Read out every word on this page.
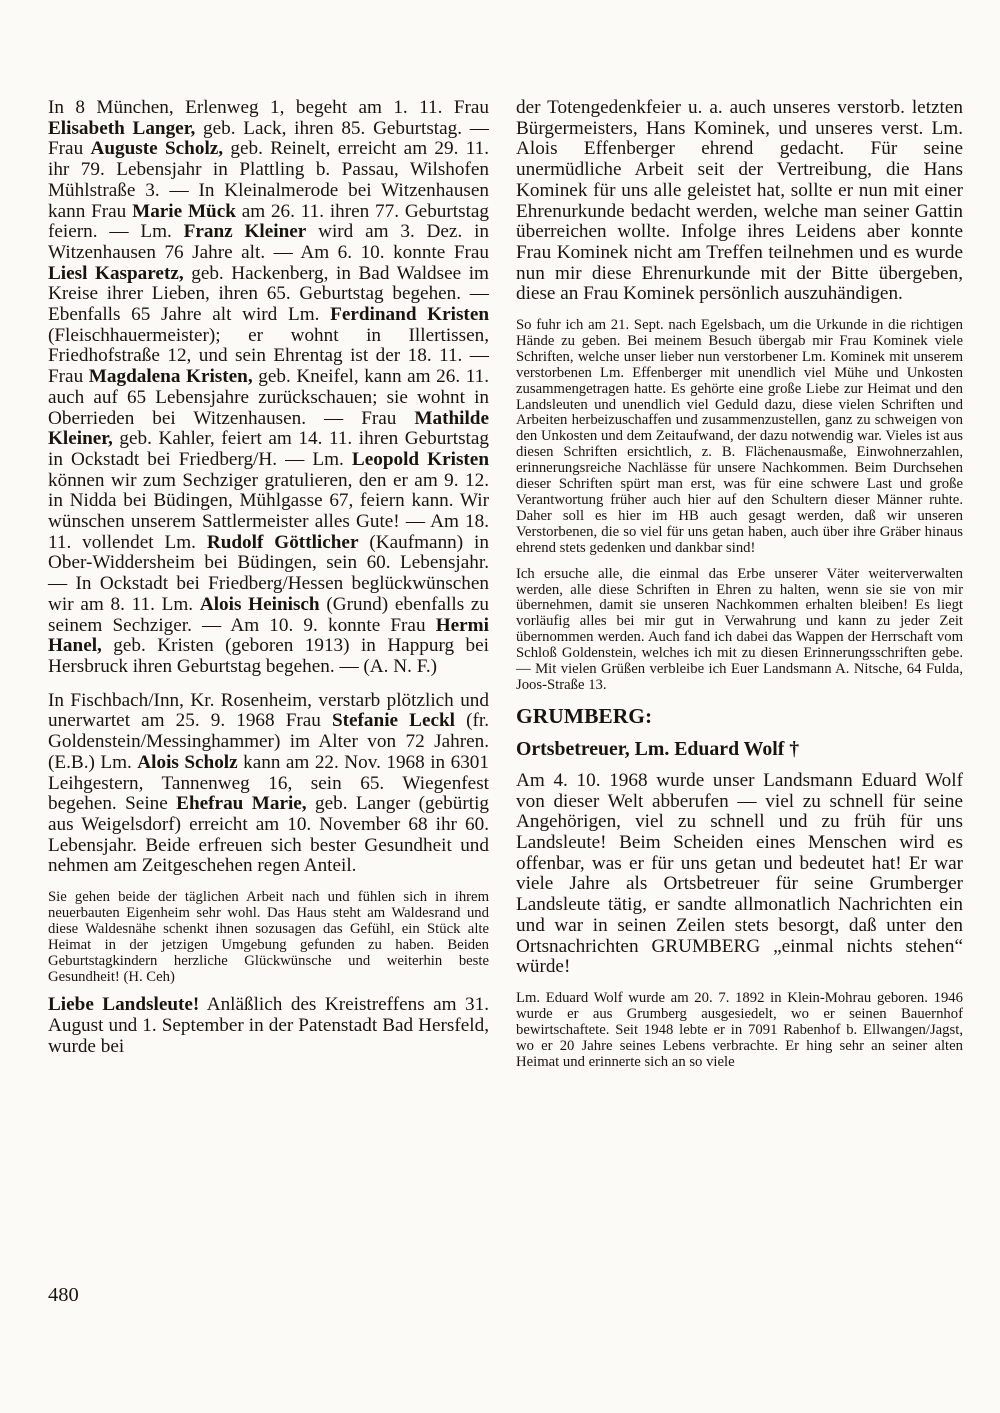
In 8 München, Erlenweg 1, begeht am 1. 11. Frau Elisabeth Langer, geb. Lack, ihren 85. Geburtstag. — Frau Auguste Scholz, geb. Reinelt, erreicht am 29. 11. ihr 79. Lebensjahr in Plattling b. Passau, Wilshofen Mühlstraße 3. — In Kleinalmerode bei Witzenhausen kann Frau Marie Mück am 26. 11. ihren 77. Geburtstag feiern. — Lm. Franz Kleiner wird am 3. Dez. in Witzenhausen 76 Jahre alt. — Am 6. 10. konnte Frau Liesl Kasparetz, geb. Hackenberg, in Bad Waldsee im Kreise ihrer Lieben, ihren 65. Geburtstag begehen. — Ebenfalls 65 Jahre alt wird Lm. Ferdinand Kristen (Fleischhauermeister); er wohnt in Illertissen, Friedhofstraße 12, und sein Ehrentag ist der 18. 11. — Frau Magdalena Kristen, geb. Kneifel, kann am 26. 11. auch auf 65 Lebensjahre zurückschauen; sie wohnt in Oberrieden bei Witzenhausen. — Frau Mathilde Kleiner, geb. Kahler, feiert am 14. 11. ihren Geburtstag in Ockstadt bei Friedberg/H. — Lm. Leopold Kristen können wir zum Sechziger gratulieren, den er am 9. 12. in Nidda bei Büdingen, Mühlgasse 67, feiern kann. Wir wünschen unserem Sattlermeister alles Gute! — Am 18. 11. vollendet Lm. Rudolf Göttlicher (Kaufmann) in Ober-Widdersheim bei Büdingen, sein 60. Lebensjahr. — In Ockstadt bei Friedberg/Hessen beglückwünschen wir am 8. 11. Lm. Alois Heinisch (Grund) ebenfalls zu seinem Sechziger. — Am 10. 9. konnte Frau Hermi Hanel, geb. Kristen (geboren 1913) in Happurg bei Hersbruck ihren Geburtstag begehen. — (A. N. F.)

In Fischbach/Inn, Kr. Rosenheim, verstarb plötzlich und unerwartet am 25. 9. 1968 Frau Stefanie Leckl (fr. Goldenstein/Messinghammer) im Alter von 72 Jahren. (E.B.) Lm. Alois Scholz kann am 22. Nov. 1968 in 6301 Leihgestern, Tannenweg 16, sein 65. Wiegenfest begehen. Seine Ehefrau Marie, geb. Langer (gebürtig aus Weigelsdorf) erreicht am 10. November 68 ihr 60. Lebensjahr. Beide erfreuen sich bester Gesundheit und nehmen am Zeitgeschehen regen Anteil.

Sie gehen beide der täglichen Arbeit nach und fühlen sich in ihrem neuerbauten Eigenheim sehr wohl. Das Haus steht am Waldesrand und diese Waldesnähe schenkt ihnen sozusagen das Gefühl, ein Stück alte Heimat in der jetzigen Umgebung gefunden zu haben. Beiden Geburtstagkindern herzliche Glückwünsche und weiterhin beste Gesundheit! (H. Ceh)

Liebe Landsleute! Anläßlich des Kreistreffens am 31. August und 1. September in der Patenstadt Bad Hersfeld, wurde bei

der Totengedenkfeier u. a. auch unseres verstorb. letzten Bürgermeisters, Hans Kominek, und unseres verst. Lm. Alois Effenberger ehrend gedacht. Für seine unermüdliche Arbeit seit der Vertreibung, die Hans Kominek für uns alle geleistet hat, sollte er nun mit einer Ehrenurkunde bedacht werden, welche man seiner Gattin überreichen wollte. Infolge ihres Leidens aber konnte Frau Kominek nicht am Treffen teilnehmen und es wurde nun mir diese Ehrenurkunde mit der Bitte übergeben, diese an Frau Kominek persönlich auszuhändigen.

So fuhr ich am 21. Sept. nach Egelsbach, um die Urkunde in die richtigen Hände zu geben. Bei meinem Besuch übergab mir Frau Kominek viele Schriften, welche unser lieber nun verstorbener Lm. Kominek mit unserem verstorbenen Lm. Effenberger mit unendlich viel Mühe und Unkosten zusammengetragen hatte. Es gehörte eine große Liebe zur Heimat und den Landsleuten und unendlich viel Geduld dazu, diese vielen Schriften und Arbeiten herbeizuschaffen und zusammenzustellen, ganz zu schweigen von den Unkosten und dem Zeitaufwand, der dazu notwendig war. Vieles ist aus diesen Schriften ersichtlich, z. B. Flächenausmaße, Einwohnerzahlen, erinnerungsreiche Nachlässe für unsere Nachkommen. Beim Durchsehen dieser Schriften spürt man erst, was für eine schwere Last und große Verantwortung früher auch hier auf den Schultern dieser Männer ruhte. Daher soll es hier im HB auch gesagt werden, daß wir unseren Verstorbenen, die so viel für uns getan haben, auch über ihre Gräber hinaus ehrend stets gedenken und dankbar sind!

Ich ersuche alle, die einmal das Erbe unserer Väter weiterverwalten werden, alle diese Schriften in Ehren zu halten, wenn sie sie von mir übernehmen, damit sie unseren Nachkommen erhalten bleiben! Es liegt vorläufig alles bei mir gut in Verwahrung und kann zu jeder Zeit übernommen werden. Auch fand ich dabei das Wappen der Herrschaft vom Schloß Goldenstein, welches ich mit zu diesen Erinnerungsschriften gebe. — Mit vielen Grüßen verbleibe ich Euer Landsmann A. Nitsche, 64 Fulda, Joos-Straße 13.

GRUMBERG:

Ortsbetreuer, Lm. Eduard Wolf †

Am 4. 10. 1968 wurde unser Landsmann Eduard Wolf von dieser Welt abberufen — viel zu schnell für seine Angehörigen, viel zu schnell und zu früh für uns Landsleute! Beim Scheiden eines Menschen wird es offenbar, was er für uns getan und bedeutet hat! Er war viele Jahre als Ortsbetreuer für seine Grumberger Landsleute tätig, er sandte allmonatlich Nachrichten ein und war in seinen Zeilen stets besorgt, daß unter den Ortsnachrichten GRUMBERG „einmal nichts stehen“ würde!

Lm. Eduard Wolf wurde am 20. 7. 1892 in Klein-Mohrau geboren. 1946 wurde er aus Grumberg ausgesiedelt, wo er seinen Bauernhof bewirtschaftete. Seit 1948 lebte er in 7091 Rabenhof b. Ellwangen/Jagst, wo er 20 Jahre seines Lebens verbrachte. Er hing sehr an seiner alten Heimat und erinnerte sich an so viele

480
